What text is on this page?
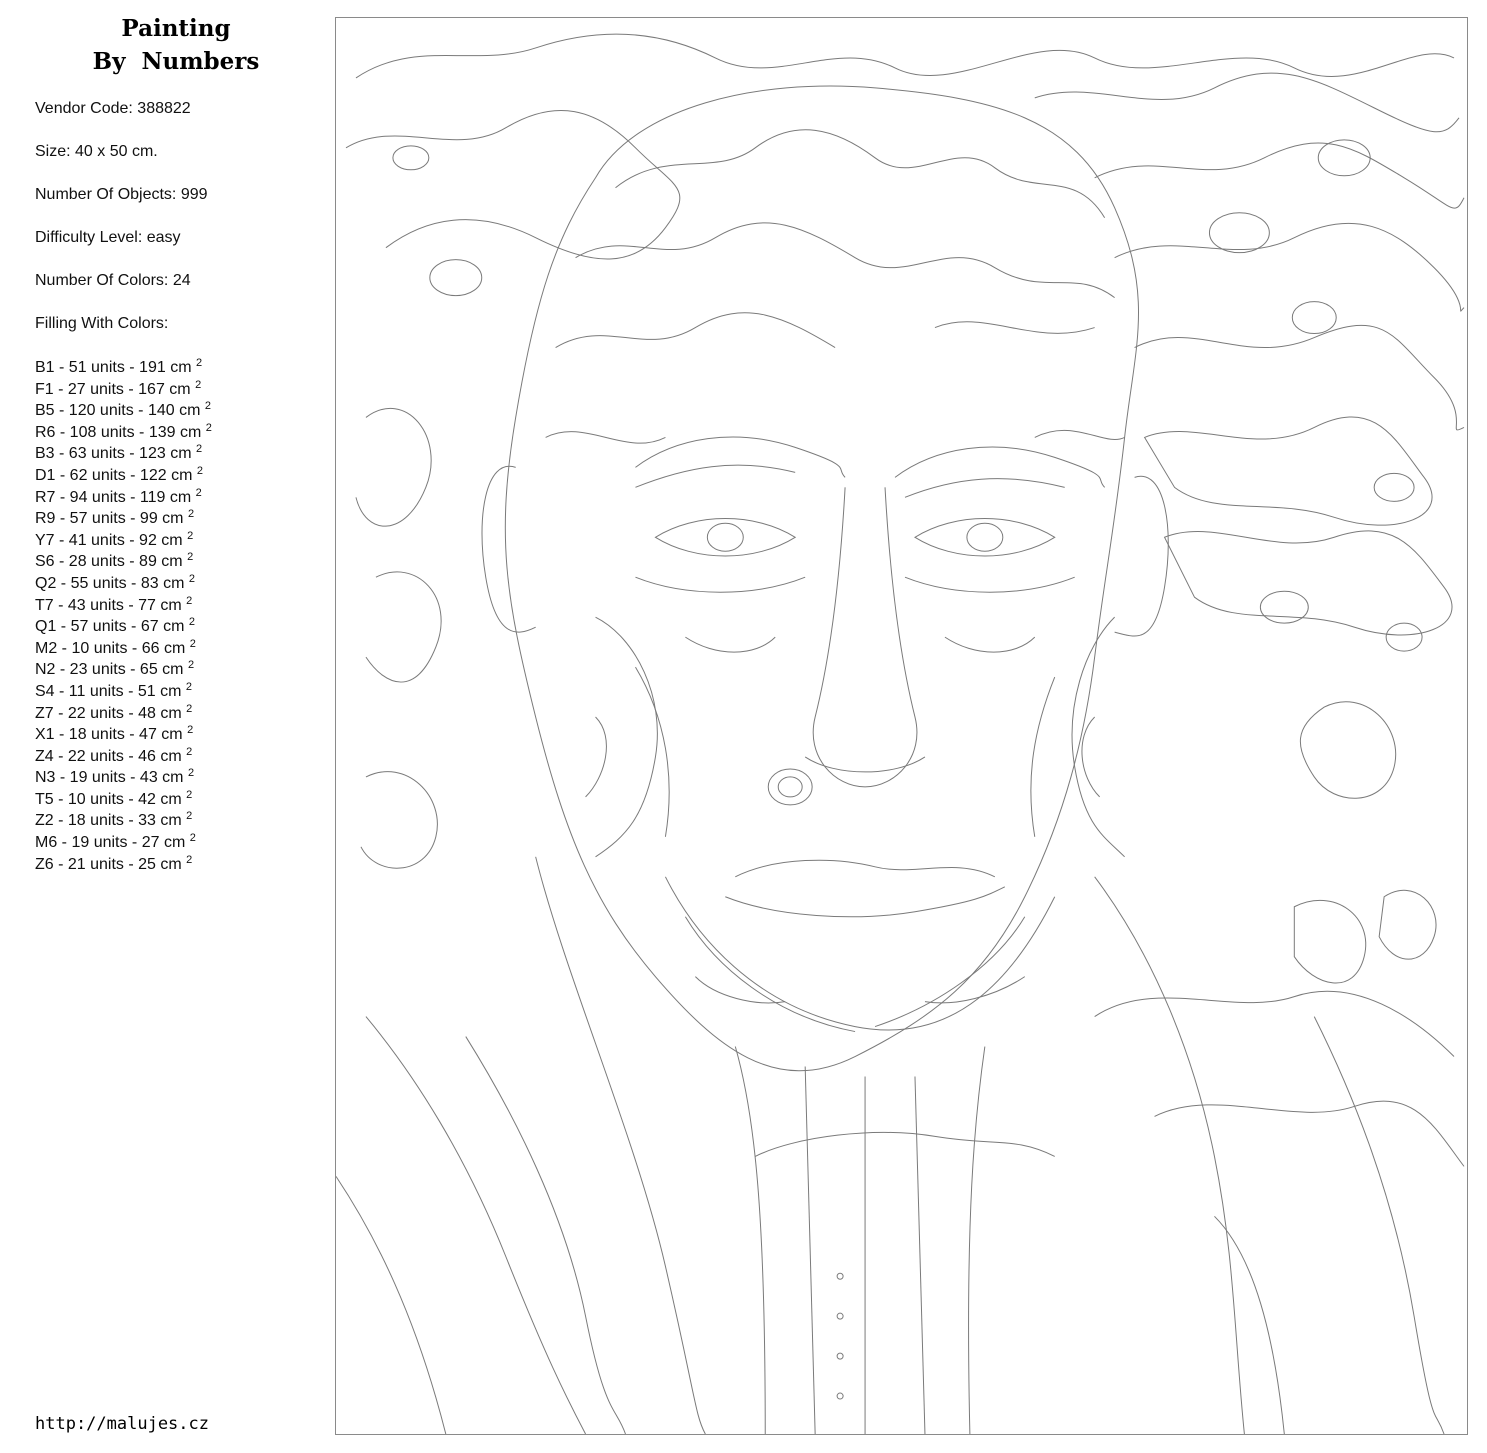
Painting
By  Numbers
Vendor Code: 388822
Size: 40 x 50 cm.
Number Of Objects: 999
Difficulty Level: easy
Number Of Colors: 24
Filling With Colors:
B1 - 51 units - 191 cm $^2$
F1 - 27 units - 167 cm $^2$
B5 - 120 units - 140 cm $^2$
R6 - 108 units - 139 cm $^2$
B3 - 63 units - 123 cm $^2$
D1 - 62 units - 122 cm $^2$
R7 - 94 units - 119 cm $^2$
R9 - 57 units - 99 cm $^2$
Y7 - 41 units - 92 cm $^2$
S6 - 28 units - 89 cm $^2$
Q2 - 55 units - 83 cm $^2$
T7 - 43 units - 77 cm $^2$
Q1 - 57 units - 67 cm $^2$
M2 - 10 units - 66 cm $^2$
N2 - 23 units - 65 cm $^2$
S4 - 11 units - 51 cm $^2$
Z7 - 22 units - 48 cm $^2$
X1 - 18 units - 47 cm $^2$
Z4 - 22 units - 46 cm $^2$
N3 - 19 units - 43 cm $^2$
T5 - 10 units - 42 cm $^2$
Z2 - 18 units - 33 cm $^2$
M6 - 19 units - 27 cm $^2$
Z6 - 21 units - 25 cm $^2$
http://malujes.cz
